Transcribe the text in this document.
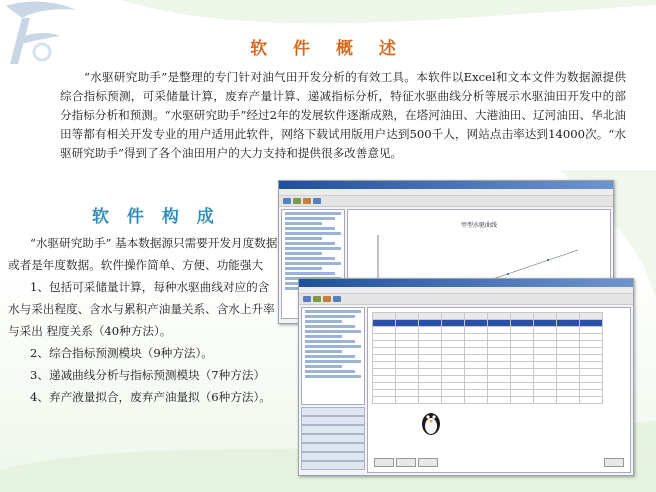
软 件 概 述
“水驱研究助手”是整理的专门针对油气田开发分析的有效工具。本软件以Excel和文本文件为数据源提供综合指标预测，可采储量计算，废弃产量计算、递减指标分析，特征水驱曲线分析等展示水驱油田开发中的部分指标分析和预测。“水驱研究助手”经过2年的发展软件逐渐成熟，在塔河油田、大港油田、辽河油田、华北油田等都有相关开发专业的用户适用此软件，网络下载试用版用户达到500千人，网站点击率达到14000次。“水驱研究助手”得到了各个油田用户的大力支持和提供很多改善意见。
软 件 构 成

“水驱研究助手” 基本数据源只需要开发月度数据或者是年度数据。软件操作简单、方便、功能强大

1、包括可采储量计算，每种水驱曲线对应的含水与采出程度、含水与累积产油量关系、含水上升率与采出 程度关系（40种方法）。

2、综合指标预测模块（9种方法）。

3、递减曲线分析与指标预测模块（7种方法）

4、弃产液量拟合，废弃产油量拟（6种方法）。

甲型水驱曲线
